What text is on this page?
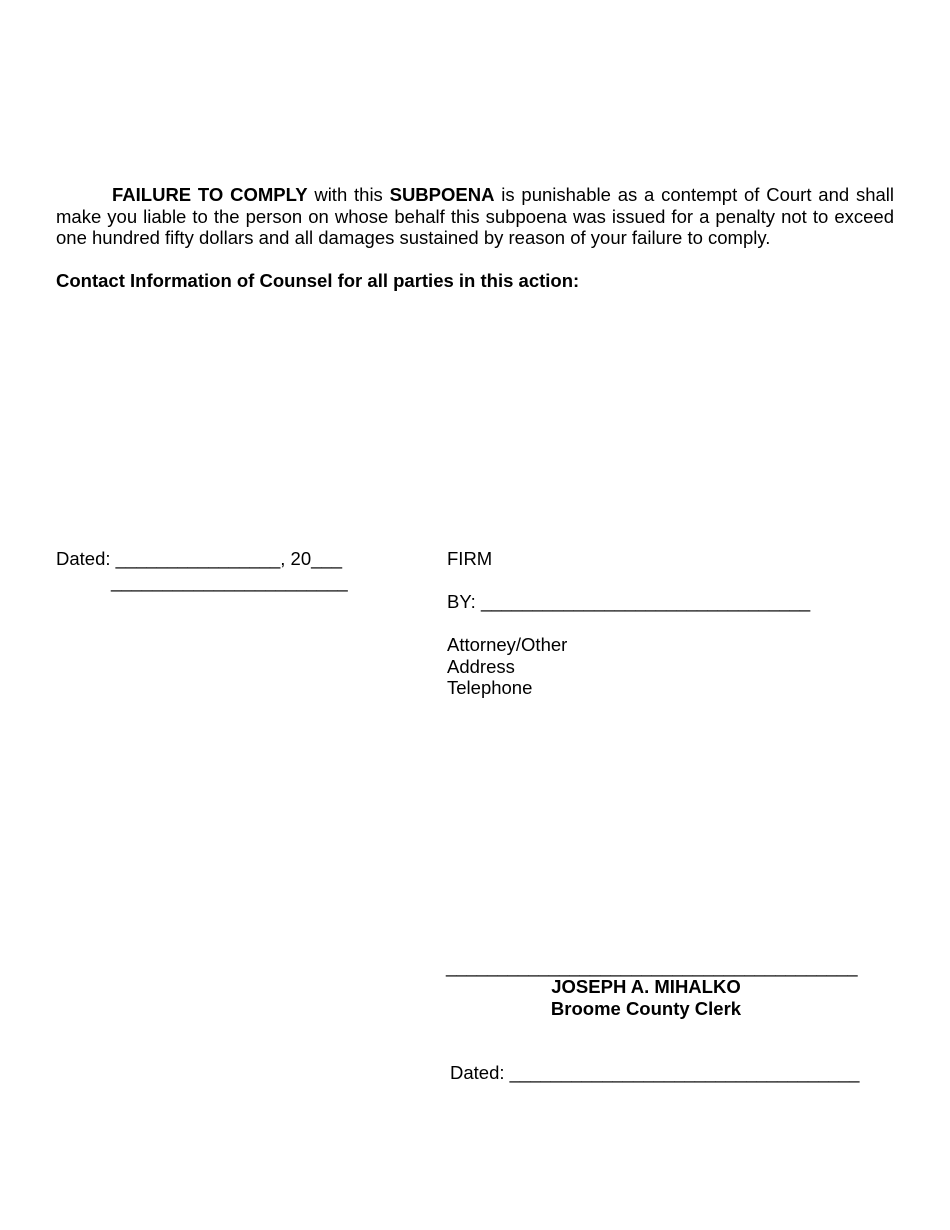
FAILURE TO COMPLY with this SUBPOENA is punishable as a contempt of Court and shall make you liable to the person on whose behalf this subpoena was issued for a penalty not to exceed one hundred fifty dollars and all damages sustained by reason of your failure to comply.
Contact Information of Counsel for all parties in this action:
Dated: ________________, 20___
_______________________
FIRM
BY: ________________________________
Attorney/Other
Address
Telephone
________________________________________
JOSEPH A. MIHALKO
Broome County Clerk
Dated: __________________________________
